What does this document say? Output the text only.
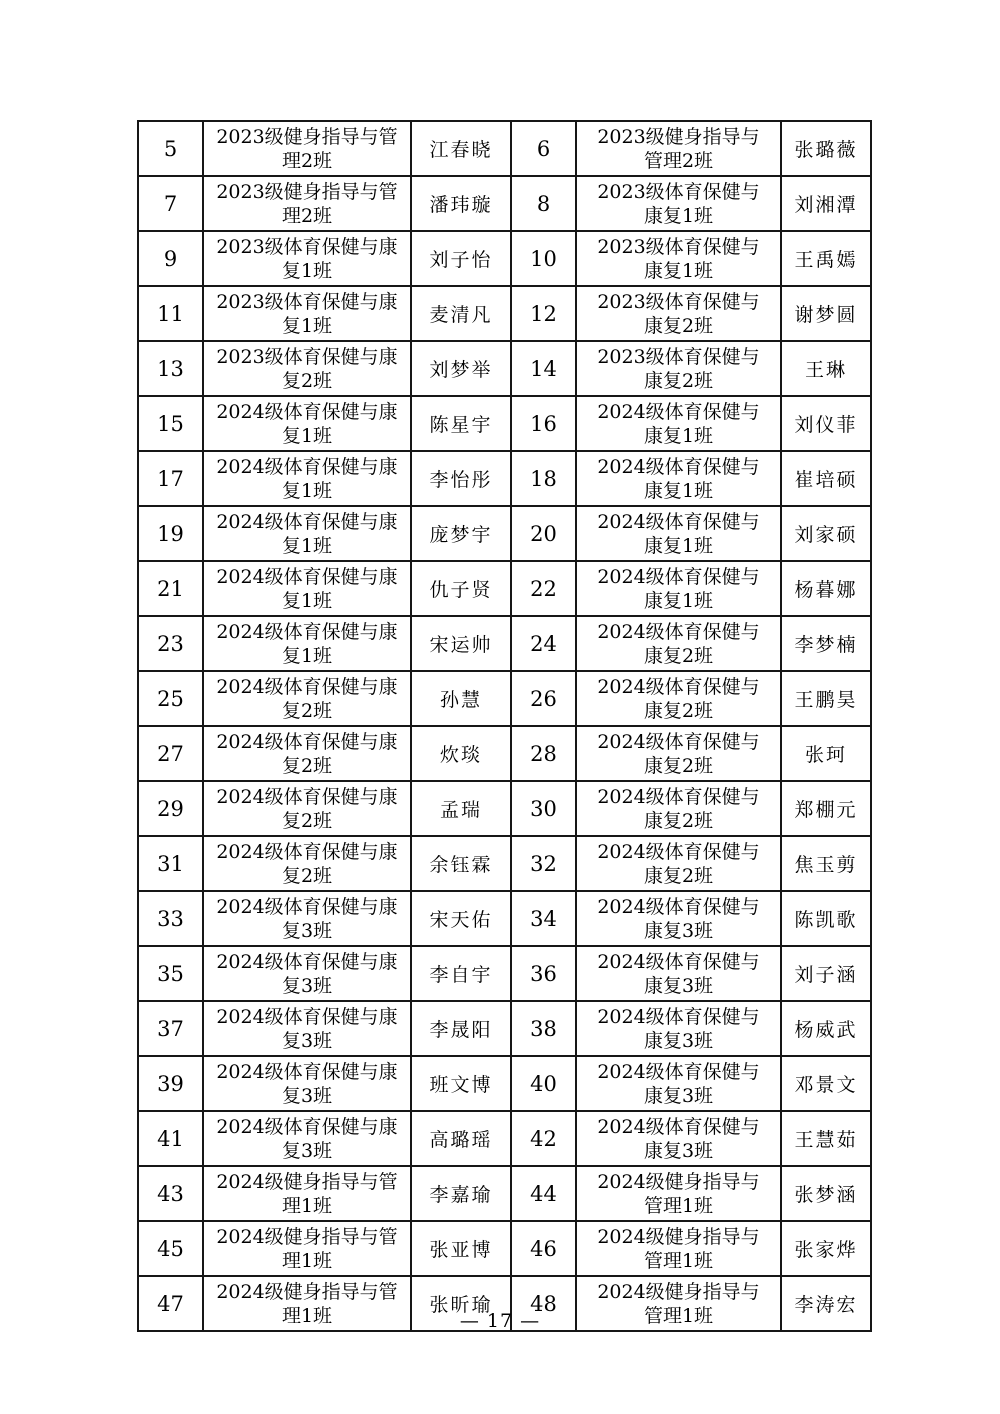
5	2023级健身指导与管理2班	江春晓	6	2023级健身指导与管理2班	张璐薇
7	2023级健身指导与管理2班	潘玮璇	8	2023级体育保健与康复1班	刘湘潭
9	2023级体育保健与康复1班	刘子怡	10	2023级体育保健与康复1班	王禹嫣
11	2023级体育保健与康复1班	麦清凡	12	2023级体育保健与康复2班	谢梦圆
13	2023级体育保健与康复2班	刘梦举	14	2023级体育保健与康复2班	王琳
15	2024级体育保健与康复1班	陈星宇	16	2024级体育保健与康复1班	刘仪菲
17	2024级体育保健与康复1班	李怡彤	18	2024级体育保健与康复1班	崔培硕
19	2024级体育保健与康复1班	庞梦宇	20	2024级体育保健与康复1班	刘家硕
21	2024级体育保健与康复1班	仇子贤	22	2024级体育保健与康复1班	杨暮娜
23	2024级体育保健与康复1班	宋运帅	24	2024级体育保健与康复2班	李梦楠
25	2024级体育保健与康复2班	孙慧	26	2024级体育保健与康复2班	王鹏昊
27	2024级体育保健与康复2班	炊琰	28	2024级体育保健与康复2班	张珂
29	2024级体育保健与康复2班	孟瑞	30	2024级体育保健与康复2班	郑棚元
31	2024级体育保健与康复2班	余钰霖	32	2024级体育保健与康复2班	焦玉剪
33	2024级体育保健与康复3班	宋天佑	34	2024级体育保健与康复3班	陈凯歌
35	2024级体育保健与康复3班	李自宇	36	2024级体育保健与康复3班	刘子涵
37	2024级体育保健与康复3班	李晟阳	38	2024级体育保健与康复3班	杨威武
39	2024级体育保健与康复3班	班文博	40	2024级体育保健与康复3班	邓景文
41	2024级体育保健与康复3班	高璐瑶	42	2024级体育保健与康复3班	王慧茹
43	2024级健身指导与管理1班	李嘉瑜	44	2024级健身指导与管理1班	张梦涵
45	2024级健身指导与管理1班	张亚博	46	2024级健身指导与管理1班	张家烨
47	2024级健身指导与管理1班	张昕瑜	48	2024级健身指导与管理1班	李涛宏
— 17 —
